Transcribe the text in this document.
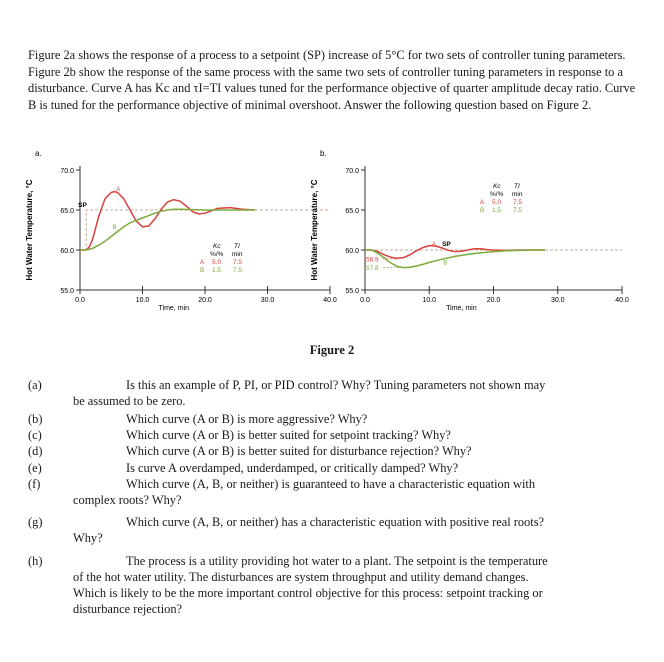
Figure 2a shows the response of a process to a setpoint (SP) increase of 5°C for two sets of controller tuning parameters. Figure 2b show the response of the same process with the same two sets of controller tuning parameters in response to a disturbance. Curve A has Kc and τI=TI values tuned for the performance objective of quarter amplitude decay ratio. Curve B is tuned for the performance objective of minimal overshoot. Answer the following question based on Figure 2.
a.
Hot Water Temperature, °C
55.0
60.0
65.0
70.0
0.0	10.0	20.0	30.0	40.0
Time, min
SP
A
B
Kc TI
%/% min
A 5.0 7.5
B 1.5 7.5
b.
Hot Water Temperature, °C
55.0
60.0
65.0
70.0
58.9
57.8
0.0	10.0	20.0	30.0	40.0
Time, min
SP
A
B
Kc TI
%/% min
A 5.0 7.5
B 1.5 7.5
Figure 2
(a)	Is this an example of P, PI, or PID control? Why? Tuning parameters not shown may
be assumed to be zero.
(b)	Which curve (A or B) is more aggressive? Why?
(c)	Which curve (A or B) is better suited for setpoint tracking? Why?
(d)	Which curve (A or B) is better suited for disturbance rejection? Why?
(e)	Is curve A overdamped, underdamped, or critically damped? Why?
(f)	Which curve (A, B, or neither) is guaranteed to have a characteristic equation with
complex roots? Why?
(g)	Which curve (A, B, or neither) has a characteristic equation with positive real roots?
Why?
(h)	The process is a utility providing hot water to a plant. The setpoint is the temperature
of the hot water utility. The disturbances are system throughput and utility demand changes.
Which is likely to be the more important control objective for this process: setpoint tracking or
disturbance rejection?
